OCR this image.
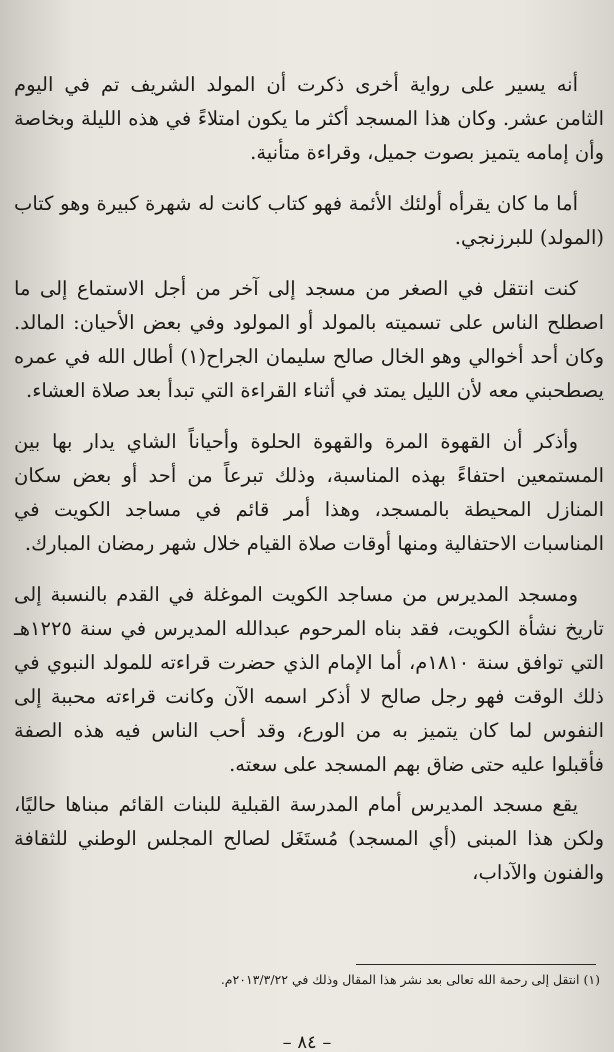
أنه يسير على رواية أخرى ذكرت أن المولد الشريف تم في اليوم الثامن عشر. وكان هذا المسجد أكثر ما يكون امتلاءً في هذه الليلة وبخاصة وأن إمامه يتميز بصوت جميل، وقراءة متأنية.

أما ما كان يقرأه أولئك الأئمة فهو كتاب كانت له شهرة كبيرة وهو كتاب (المولد) للبرزنجي.

كنت انتقل في الصغر من مسجد إلى آخر من أجل الاستماع إلى ما اصطلح الناس على تسميته بالمولد أو المولود وفي بعض الأحيان: المالد. وكان أحد أخوالي وهو الخال صالح سليمان الجراح(١) أطال الله في عمره يصطحبني معه لأن الليل يمتد في أثناء القراءة التي تبدأ بعد صلاة العشاء.

وأذكر أن القهوة المرة والقهوة الحلوة وأحياناً الشاي يدار بها بين المستمعين احتفاءً بهذه المناسبة، وذلك تبرعاً من أحد أو بعض سكان المنازل المحيطة بالمسجد، وهذا أمر قائم في مساجد الكويت في المناسبات الاحتفالية ومنها أوقات صلاة القيام خلال شهر رمضان المبارك.

ومسجد المديرس من مساجد الكويت الموغلة في القدم بالنسبة إلى تاريخ نشأة الكويت، فقد بناه المرحوم عبدالله المديرس في سنة ١٢٢٥هـ التي توافق سنة ١٨١٠م، أما الإمام الذي حضرت قراءته للمولد النبوي في ذلك الوقت فهو رجل صالح لا أذكر اسمه الآن وكانت قراءته محببة إلى النفوس لما كان يتميز به من الورع، وقد أحب الناس فيه هذه الصفة فأقبلوا عليه حتى ضاق بهم المسجد على سعته.

يقع مسجد المديرس أمام المدرسة القبلية للبنات القائم مبناها حاليًا، ولكن هذا المبنى (أي المسجد) مُستَغَل لصالح المجلس الوطني للثقافة والفنون والآداب،

(١) انتقل إلى رحمة الله تعالى بعد نشر هذا المقال وذلك في ٢٠١٣/٣/٢٢م.
– ٨٤ –
